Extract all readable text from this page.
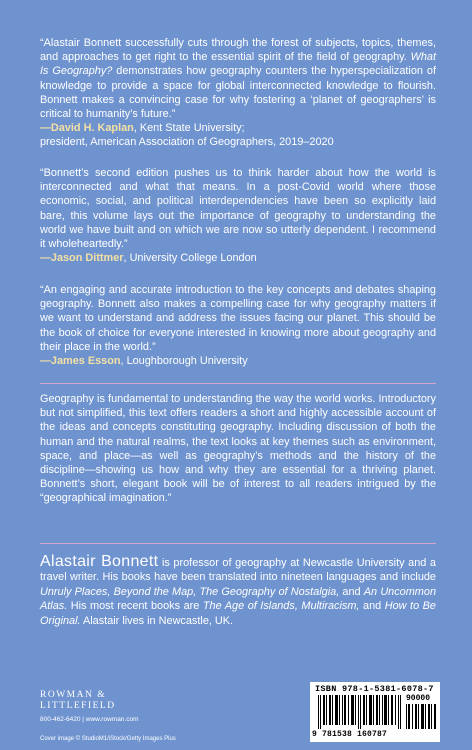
“Alastair Bonnett successfully cuts through the forest of subjects, topics, themes, and approaches to get right to the essential spirit of the field of geography. What Is Geography? demonstrates how geography counters the hyperspecialization of knowledge to provide a space for global interconnected knowledge to flourish. Bonnett makes a convincing case for why fostering a ‘planet of geographers’ is critical to humanity’s future.”

—David H. Kaplan, Kent State University;

president, American Association of Geographers, 2019–2020

“Bonnett’s second edition pushes us to think harder about how the world is interconnected and what that means. In a post-Covid world where those economic, social, and political interdependencies have been so explicitly laid bare, this volume lays out the importance of geography to understanding the world we have built and on which we are now so utterly dependent. I recommend it wholeheartedly.”

—Jason Dittmer, University College London

“An engaging and accurate introduction to the key concepts and debates shaping geography. Bonnett also makes a compelling case for why geography matters if we want to understand and address the issues facing our planet. This should be the book of choice for everyone interested in knowing more about geography and their place in the world.”

—James Esson, Loughborough University

Geography is fundamental to understanding the way the world works. Introductory but not simplified, this text offers readers a short and highly accessible account of the ideas and concepts constituting geography. Including discussion of both the human and the natural realms, the text looks at key themes such as environment, space, and place—as well as geography’s methods and the history of the discipline—showing us how and why they are essential for a thriving planet. Bonnett’s short, elegant book will be of interest to all readers intrigued by the “geographical imagination.”

Alastair Bonnett is professor of geography at Newcastle University and a travel writer. His books have been translated into nineteen languages and include Unruly Places, Beyond the Map, The Geography of Nostalgia, and An Uncommon Atlas. His most recent books are The Age of Islands, Multiracism, and How to Be Original. Alastair lives in Newcastle, UK.

ROWMAN &
LITTLEFIELD
800-462-6420 | www.rowman.com
Cover image © StudioM1/iStock/Getty Images Plus
ISBN 978-1-5381-6078-7
90000
9 781538 160787
